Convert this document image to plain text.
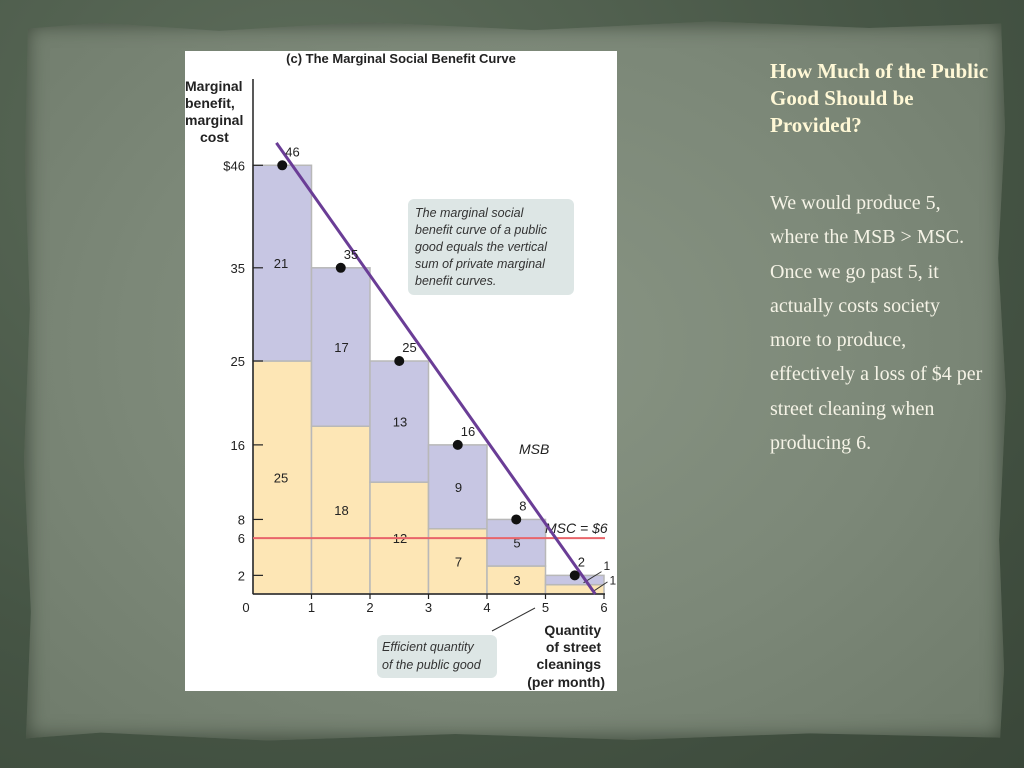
(c) The Marginal Social Benefit Curve
Marginal benefit, marginal cost
Quantity of street cleanings (per month)
25
21
18
17
12
13
7
9
3
5
1
1
$46
35
25
16
8
6
2
0	1	2	3	4	5	6
MSC = $6
MSB
46
35
25
16
8
2
The marginal social benefit curve of a public good equals the vertical sum of private marginal benefit curves.
Efficient quantity of the public good
How Much of the Public Good Should be Provided?

We would produce 5, where the MSB > MSC. Once we go past 5, it actually costs society more to produce, effectively a loss of $4 per street cleaning when producing 6.
